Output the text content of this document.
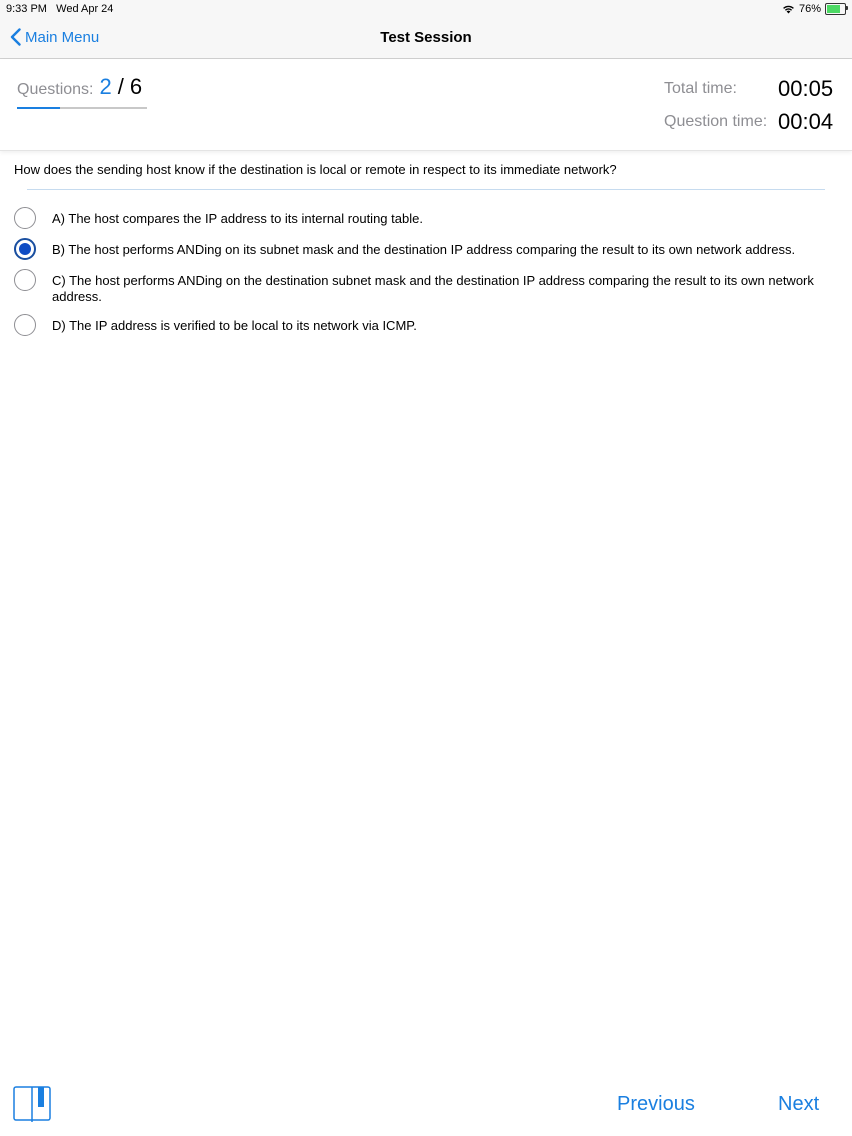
9:33 PM Wed Apr 24	76%
Main Menu	Test Session
Questions: 2 / 6	Total time: 00:05
Question time: 00:04
How does the sending host know if the destination is local or remote in respect to its immediate network?
A) The host compares the IP address to its internal routing table.
B) The host performs ANDing on its subnet mask and the destination IP address comparing the result to its own network address.
C) The host performs ANDing on the destination subnet mask and the destination IP address comparing the result to its own network address.
D) The IP address is verified to be local to its network via ICMP.
Previous	Next
